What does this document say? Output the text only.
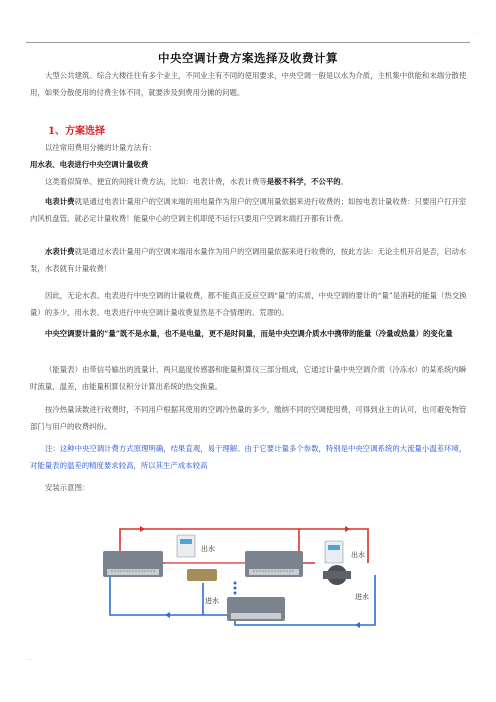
.
中央空调计费方案选择及收费计算
大型公共建筑、综合大楼往往有多个业主，不同业主有不同的使用要求，中央空调一般是以水为介质，主机集中供能和末端分散使用，如果分散使用的付费主体不同，就要涉及到费用分摊的问题。
1、方案选择
以往常用费用分摊的计量方法有：
用水表、电表进行中央空调计量收费
这类看似简单、便宜的间接计费方法，比如：电表计费，水表计费等是极不科学，不公平的。
电表计费就是通过电表计量用户的空调末端的用电量作为用户的空调用量依据来进行收费的；如按电表计量收费：只要用户打开室内风机盘管，就必定计量收费！能量中心的空调主机即使不运行只要用户空调末端打开都有计费。
水表计费就是通过水表计量用户的空调末端用水量作为用户的空调用量依据来进行收费的，按此方法：无论主机开启是否，启动水泵，水表就有计量收费！
因此，无论水表、电表进行中央空调的计量收费，都不能真正反应空调“量”的实质，中央空调的要计的“量”是消耗的能量（热交换量）的多少，用水表、电表进行中央空调计量收费显然是不合情理的、荒谬的。
中央空调要计量的“量”既不是水量，也不是电量，更不是时间量，而是中央空调介质水中携带的能量（冷量或热量）的变化量
（能量表）由带信号输出的流量计、两只温度传感器和能量积算仪三部分组成，它通过计量中央空调介质（冷冻水）的某系统内瞬时流量、温差，由能量积算仪积分计算出系统的热交换量。
按冷热量读数进行收费时，不同用户根据其使用的空调冷热量的多少，缴纳不同的空调使用费，可得到业主的认可，也可避免物管部门与用户的收费纠纷。
注：这种中央空调计费方式原理明确，结果直观，易于理解。由于它要计量多个参数，特别是中央空调系统的大流量小温差环境，对能量表的温差的精度要求较高，所以其生产成本较高
安装示意图：
出水
进水
出水
进水
..
